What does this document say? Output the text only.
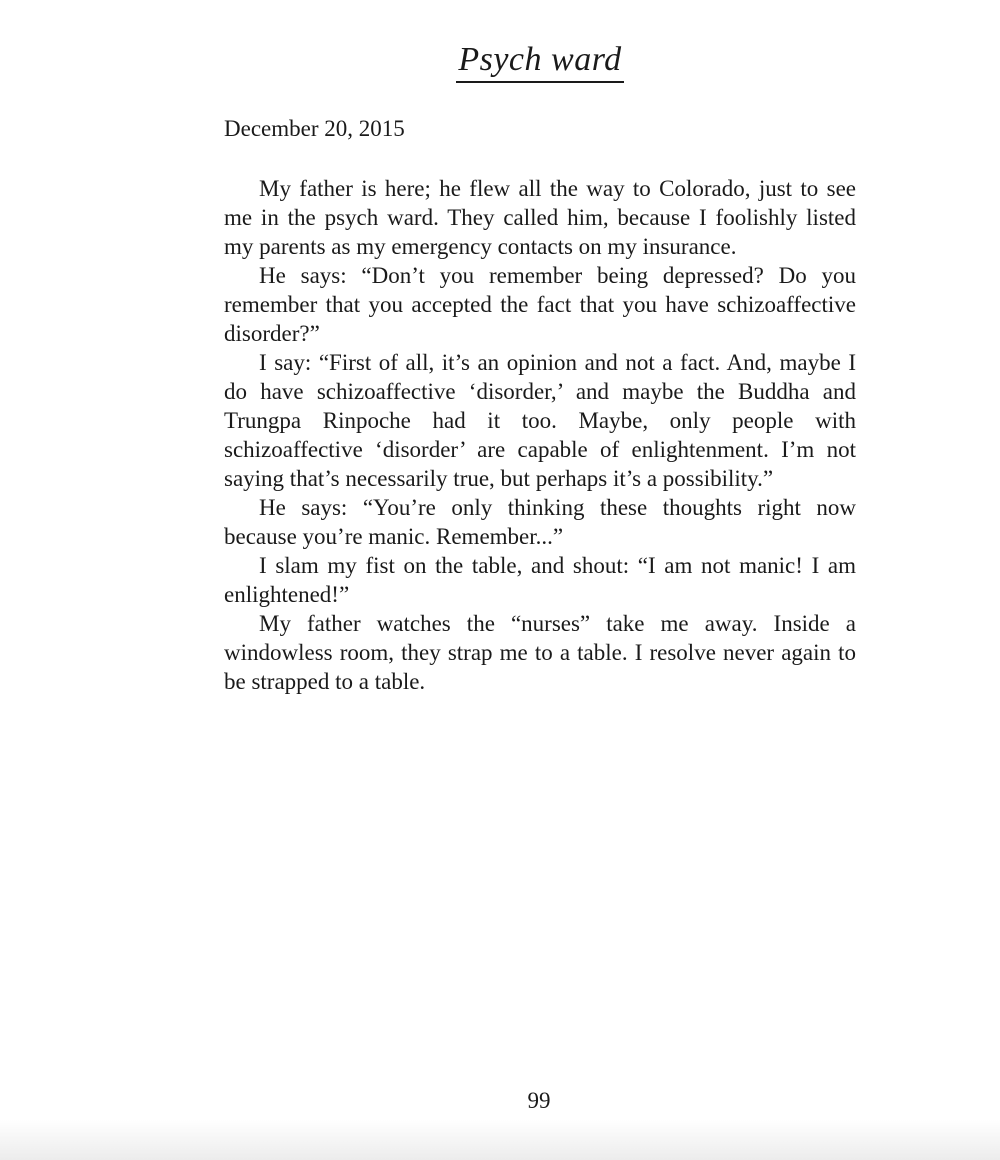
Psych ward

December 20, 2015

My father is here; he flew all the way to Colorado, just to see me in the psych ward. They called him, because I foolishly listed my parents as my emergency contacts on my insurance.

He says: “Don’t you remember being depressed? Do you remember that you accepted the fact that you have schizoaffective disorder?”

I say: “First of all, it’s an opinion and not a fact. And, maybe I do have schizoaffective ‘disorder,’ and maybe the Buddha and Trungpa Rinpoche had it too. Maybe, only people with schizoaffective ‘disorder’ are capable of enlightenment. I’m not saying that’s necessarily true, but perhaps it’s a possibility.”

He says: “You’re only thinking these thoughts right now because you’re manic. Remember...”

I slam my fist on the table, and shout: “I am not manic! I am enlightened!”

My father watches the “nurses” take me away. Inside a windowless room, they strap me to a table. I resolve never again to be strapped to a table.

99
